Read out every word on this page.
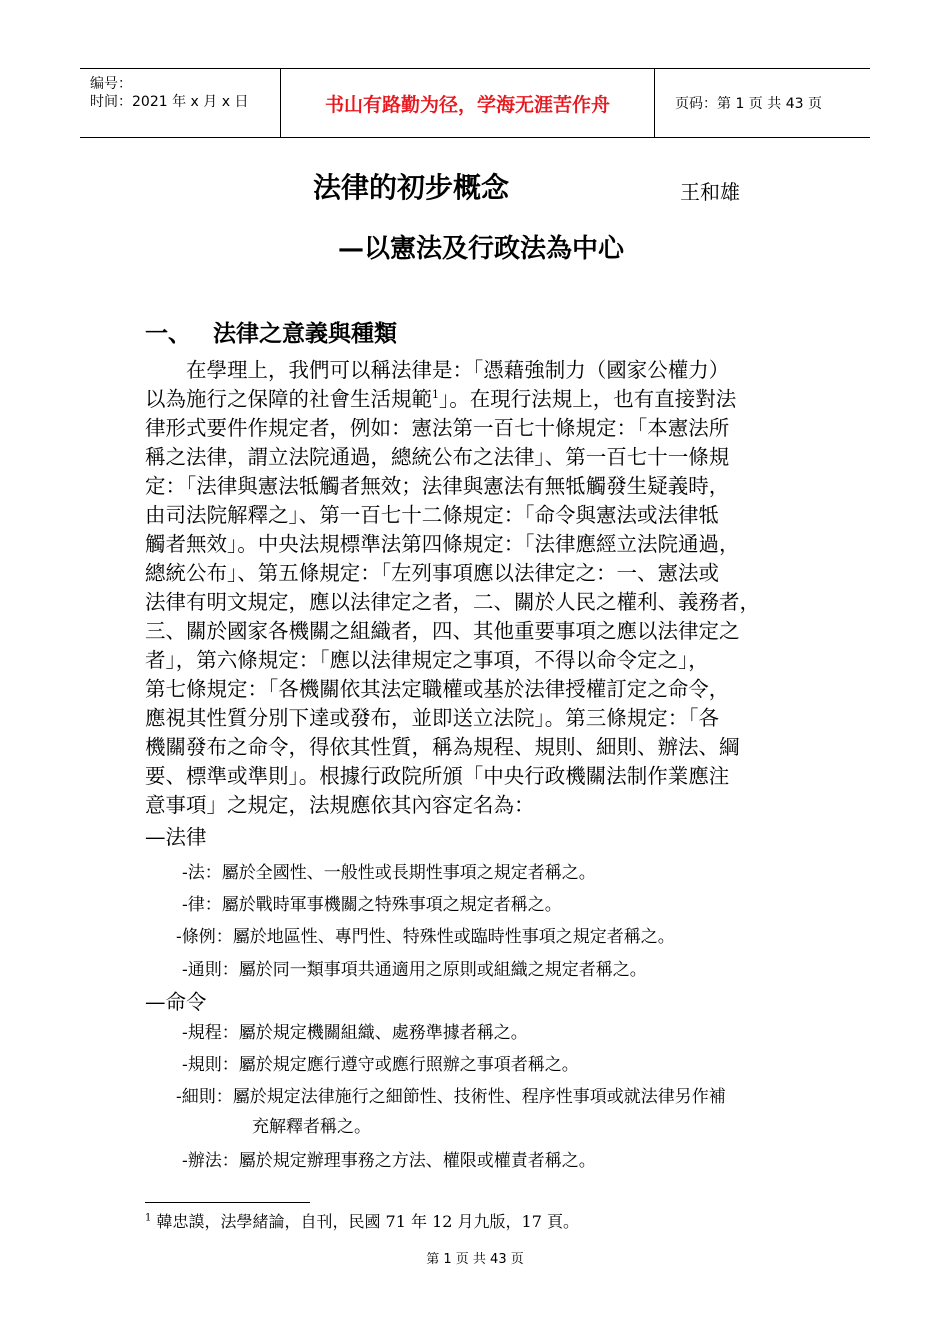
编号：
时间：2021 年 x 月 x 日	书山有路勤为径，学海无涯苦作舟	页码：第 1 页 共 43 页
法律的初步概念	王和雄
—以憲法及行政法為中心
一、 法律之意義與種類
　　在學理上，我們可以稱法律是：「憑藉強制力（國家公權力）
以為施行之保障的社會生活規範$^1$」。在現行法規上，也有直接對法
律形式要件作規定者，例如：憲法第一百七十條規定：「本憲法所
稱之法律，謂立法院通過，總統公布之法律」、第一百七十一條規
定：「法律與憲法牴觸者無效；法律與憲法有無牴觸發生疑義時，
由司法院解釋之」、第一百七十二條規定：「命令與憲法或法律牴
觸者無效」。中央法規標準法第四條規定：「法律應經立法院通過，
總統公布」、第五條規定：「左列事項應以法律定之：一、憲法或
法律有明文規定，應以法律定之者，二、關於人民之權利、義務者，
三、關於國家各機關之組織者，四、其他重要事項之應以法律定之
者」，第六條規定：「應以法律規定之事項，不得以命令定之」，
第七條規定：「各機關依其法定職權或基於法律授權訂定之命令，
應視其性質分別下達或發布，並即送立法院」。第三條規定：「各
機關發布之命令，得依其性質，稱為規程、規則、細則、辦法、綱
要、標準或準則」。根據行政院所頒「中央行政機關法制作業應注
意事項」之規定，法規應依其內容定名為：
—法律
-法：屬於全國性、一般性或長期性事項之規定者稱之。
-律：屬於戰時軍事機關之特殊事項之規定者稱之。
-條例：屬於地區性、專門性、特殊性或臨時性事項之規定者稱之。
-通則：屬於同一類事項共通適用之原則或組織之規定者稱之。
—命令
-規程：屬於規定機關組織、處務準據者稱之。
-規則：屬於規定應行遵守或應行照辦之事項者稱之。
-細則：屬於規定法律施行之細節性、技術性、程序性事項或就法律另作補
充解釋者稱之。
-辦法：屬於規定辦理事務之方法、權限或權責者稱之。
$^1$ 韓忠謨，法學緒論，自刊，民國 71 年 12 月九版，17 頁。
第 1 页 共 43 页
